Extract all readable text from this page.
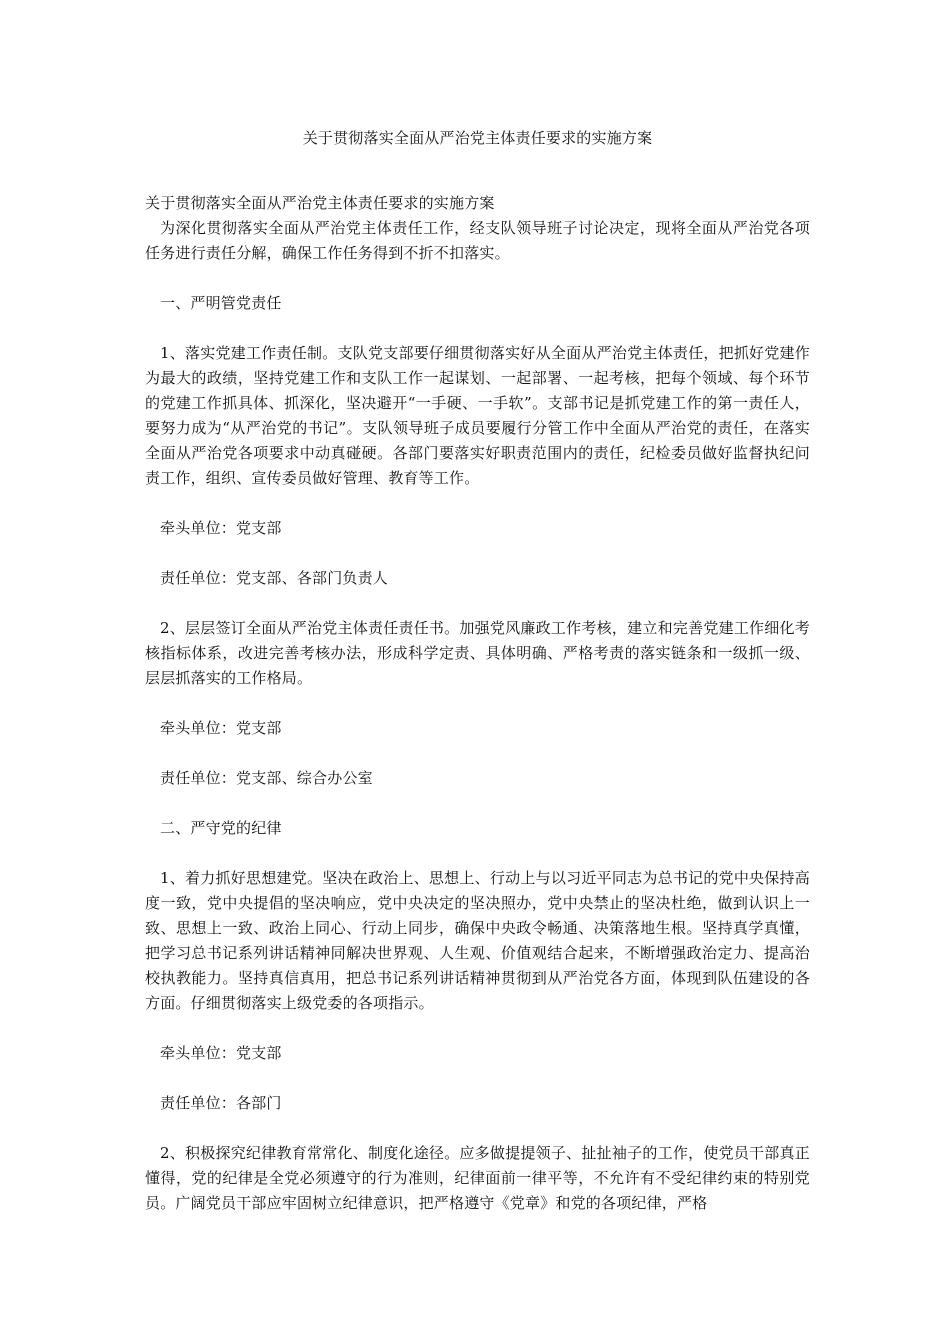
关于贯彻落实全面从严治党主体责任要求的实施方案

关于贯彻落实全面从严治党主体责任要求的实施方案

为深化贯彻落实全面从严治党主体责任工作，经支队领导班子讨论决定，现将全面从严治党各项任务进行责任分解，确保工作任务得到不折不扣落实。

一、严明管党责任

1、落实党建工作责任制。支队党支部要仔细贯彻落实好从全面从严治党主体责任，把抓好党建作为最大的政绩，坚持党建工作和支队工作一起谋划、一起部署、一起考核，把每个领域、每个环节的党建工作抓具体、抓深化，坚决避开“一手硬、一手软”。支部书记是抓党建工作的第一责任人，要努力成为“从严治党的书记”。支队领导班子成员要履行分管工作中全面从严治党的责任，在落实全面从严治党各项要求中动真碰硬。各部门要落实好职责范围内的责任，纪检委员做好监督执纪问责工作，组织、宣传委员做好管理、教育等工作。

牵头单位：党支部

责任单位：党支部、各部门负责人

2、层层签订全面从严治党主体责任责任书。加强党风廉政工作考核，建立和完善党建工作细化考核指标体系，改进完善考核办法，形成科学定责、具体明确、严格考责的落实链条和一级抓一级、层层抓落实的工作格局。

牵头单位：党支部

责任单位：党支部、综合办公室

二、严守党的纪律

1、着力抓好思想建党。坚决在政治上、思想上、行动上与以习近平同志为总书记的党中央保持高度一致，党中央提倡的坚决响应，党中央决定的坚决照办，党中央禁止的坚决杜绝，做到认识上一致、思想上一致、政治上同心、行动上同步，确保中央政令畅通、决策落地生根。坚持真学真懂，把学习总书记系列讲话精神同解决世界观、人生观、价值观结合起来，不断增强政治定力、提高治校执教能力。坚持真信真用，把总书记系列讲话精神贯彻到从严治党各方面，体现到队伍建设的各方面。仔细贯彻落实上级党委的各项指示。

牵头单位：党支部

责任单位：各部门

2、积极探究纪律教育常常化、制度化途径。应多做提提领子、扯扯袖子的工作，使党员干部真正懂得，党的纪律是全党必须遵守的行为准则，纪律面前一律平等，不允许有不受纪律约束的特别党员。广阔党员干部应牢固树立纪律意识，把严格遵守《党章》和党的各项纪律，严格
